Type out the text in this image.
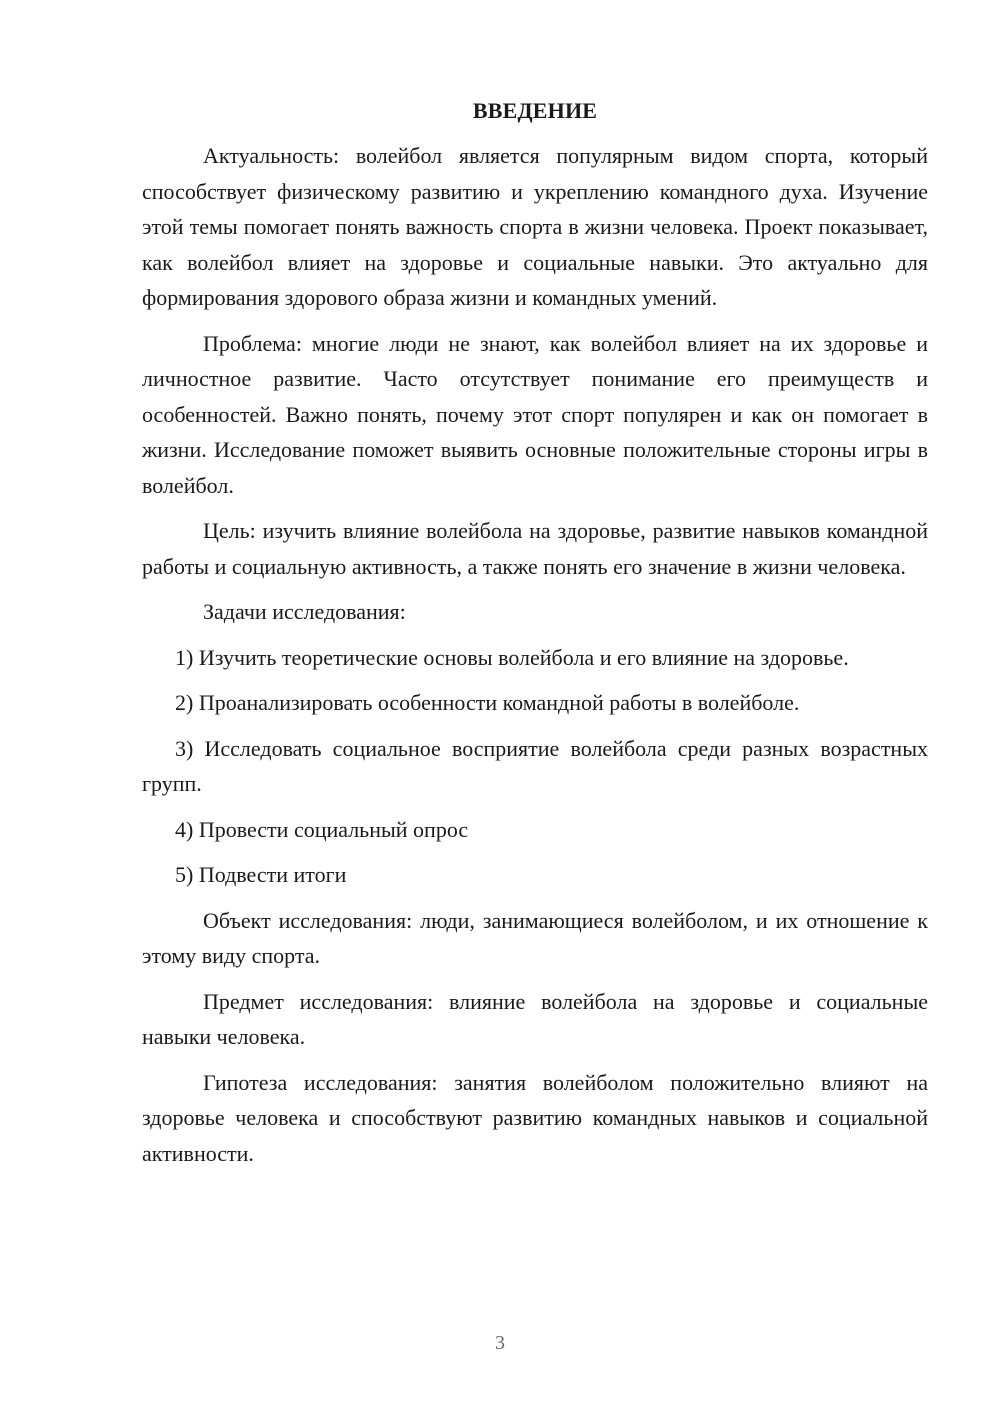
ВВЕДЕНИЕ

Актуальность: волейбол является популярным видом спорта, который способствует физическому развитию и укреплению командного духа. Изучение этой темы помогает понять важность спорта в жизни человека. Проект показывает, как волейбол влияет на здоровье и социальные навыки. Это актуально для формирования здорового образа жизни и командных умений.

Проблема: многие люди не знают, как волейбол влияет на их здоровье и личностное развитие. Часто отсутствует понимание его преимуществ и особенностей. Важно понять, почему этот спорт популярен и как он помогает в жизни. Исследование поможет выявить основные положительные стороны игры в волейбол.

Цель: изучить влияние волейбола на здоровье, развитие навыков командной работы и социальную активность, а также понять его значение в жизни человека.

Задачи исследования:

1) Изучить теоретические основы волейбола и его влияние на здоровье.

2) Проанализировать особенности командной работы в волейболе.

3) Исследовать социальное восприятие волейбола среди разных возрастных групп.

4) Провести социальный опрос

5) Подвести итоги

Объект исследования: люди, занимающиеся волейболом, и их отношение к этому виду спорта.

Предмет исследования: влияние волейбола на здоровье и социальные навыки человека.

Гипотеза исследования: занятия волейболом положительно влияют на здоровье человека и способствуют развитию командных навыков и социальной активности.

3
